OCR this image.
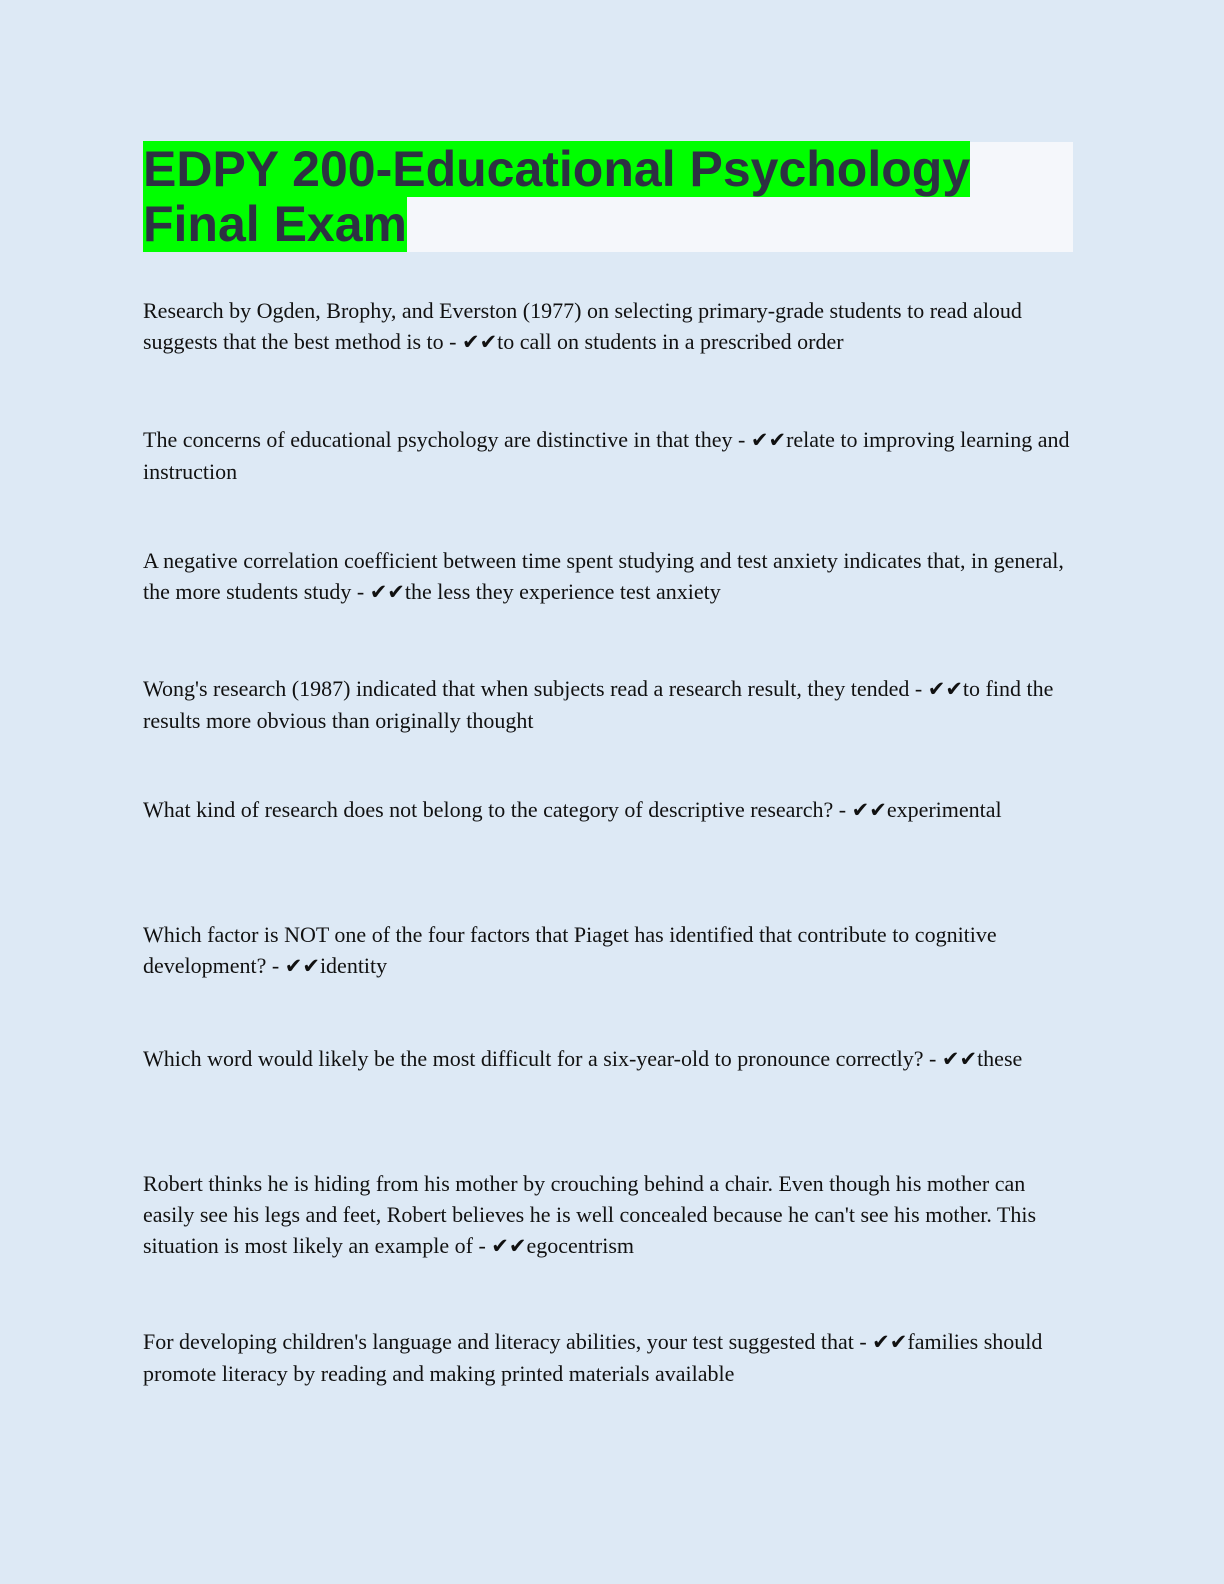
EDPY 200-Educational Psychology Final Exam

Research by Ogden, Brophy, and Everston (1977) on selecting primary-grade students to read aloud suggests that the best method is to - ✔✔to call on students in a prescribed order

The concerns of educational psychology are distinctive in that they - ✔✔relate to improving learning and instruction

A negative correlation coefficient between time spent studying and test anxiety indicates that, in general, the more students study - ✔✔the less they experience test anxiety

Wong's research (1987) indicated that when subjects read a research result, they tended - ✔✔to find the results more obvious than originally thought

What kind of research does not belong to the category of descriptive research? - ✔✔experimental

Which factor is NOT one of the four factors that Piaget has identified that contribute to cognitive development? - ✔✔identity

Which word would likely be the most difficult for a six-year-old to pronounce correctly? - ✔✔these

Robert thinks he is hiding from his mother by crouching behind a chair. Even though his mother can easily see his legs and feet, Robert believes he is well concealed because he can't see his mother. This situation is most likely an example of - ✔✔egocentrism

For developing children's language and literacy abilities, your test suggested that - ✔✔families should promote literacy by reading and making printed materials available
